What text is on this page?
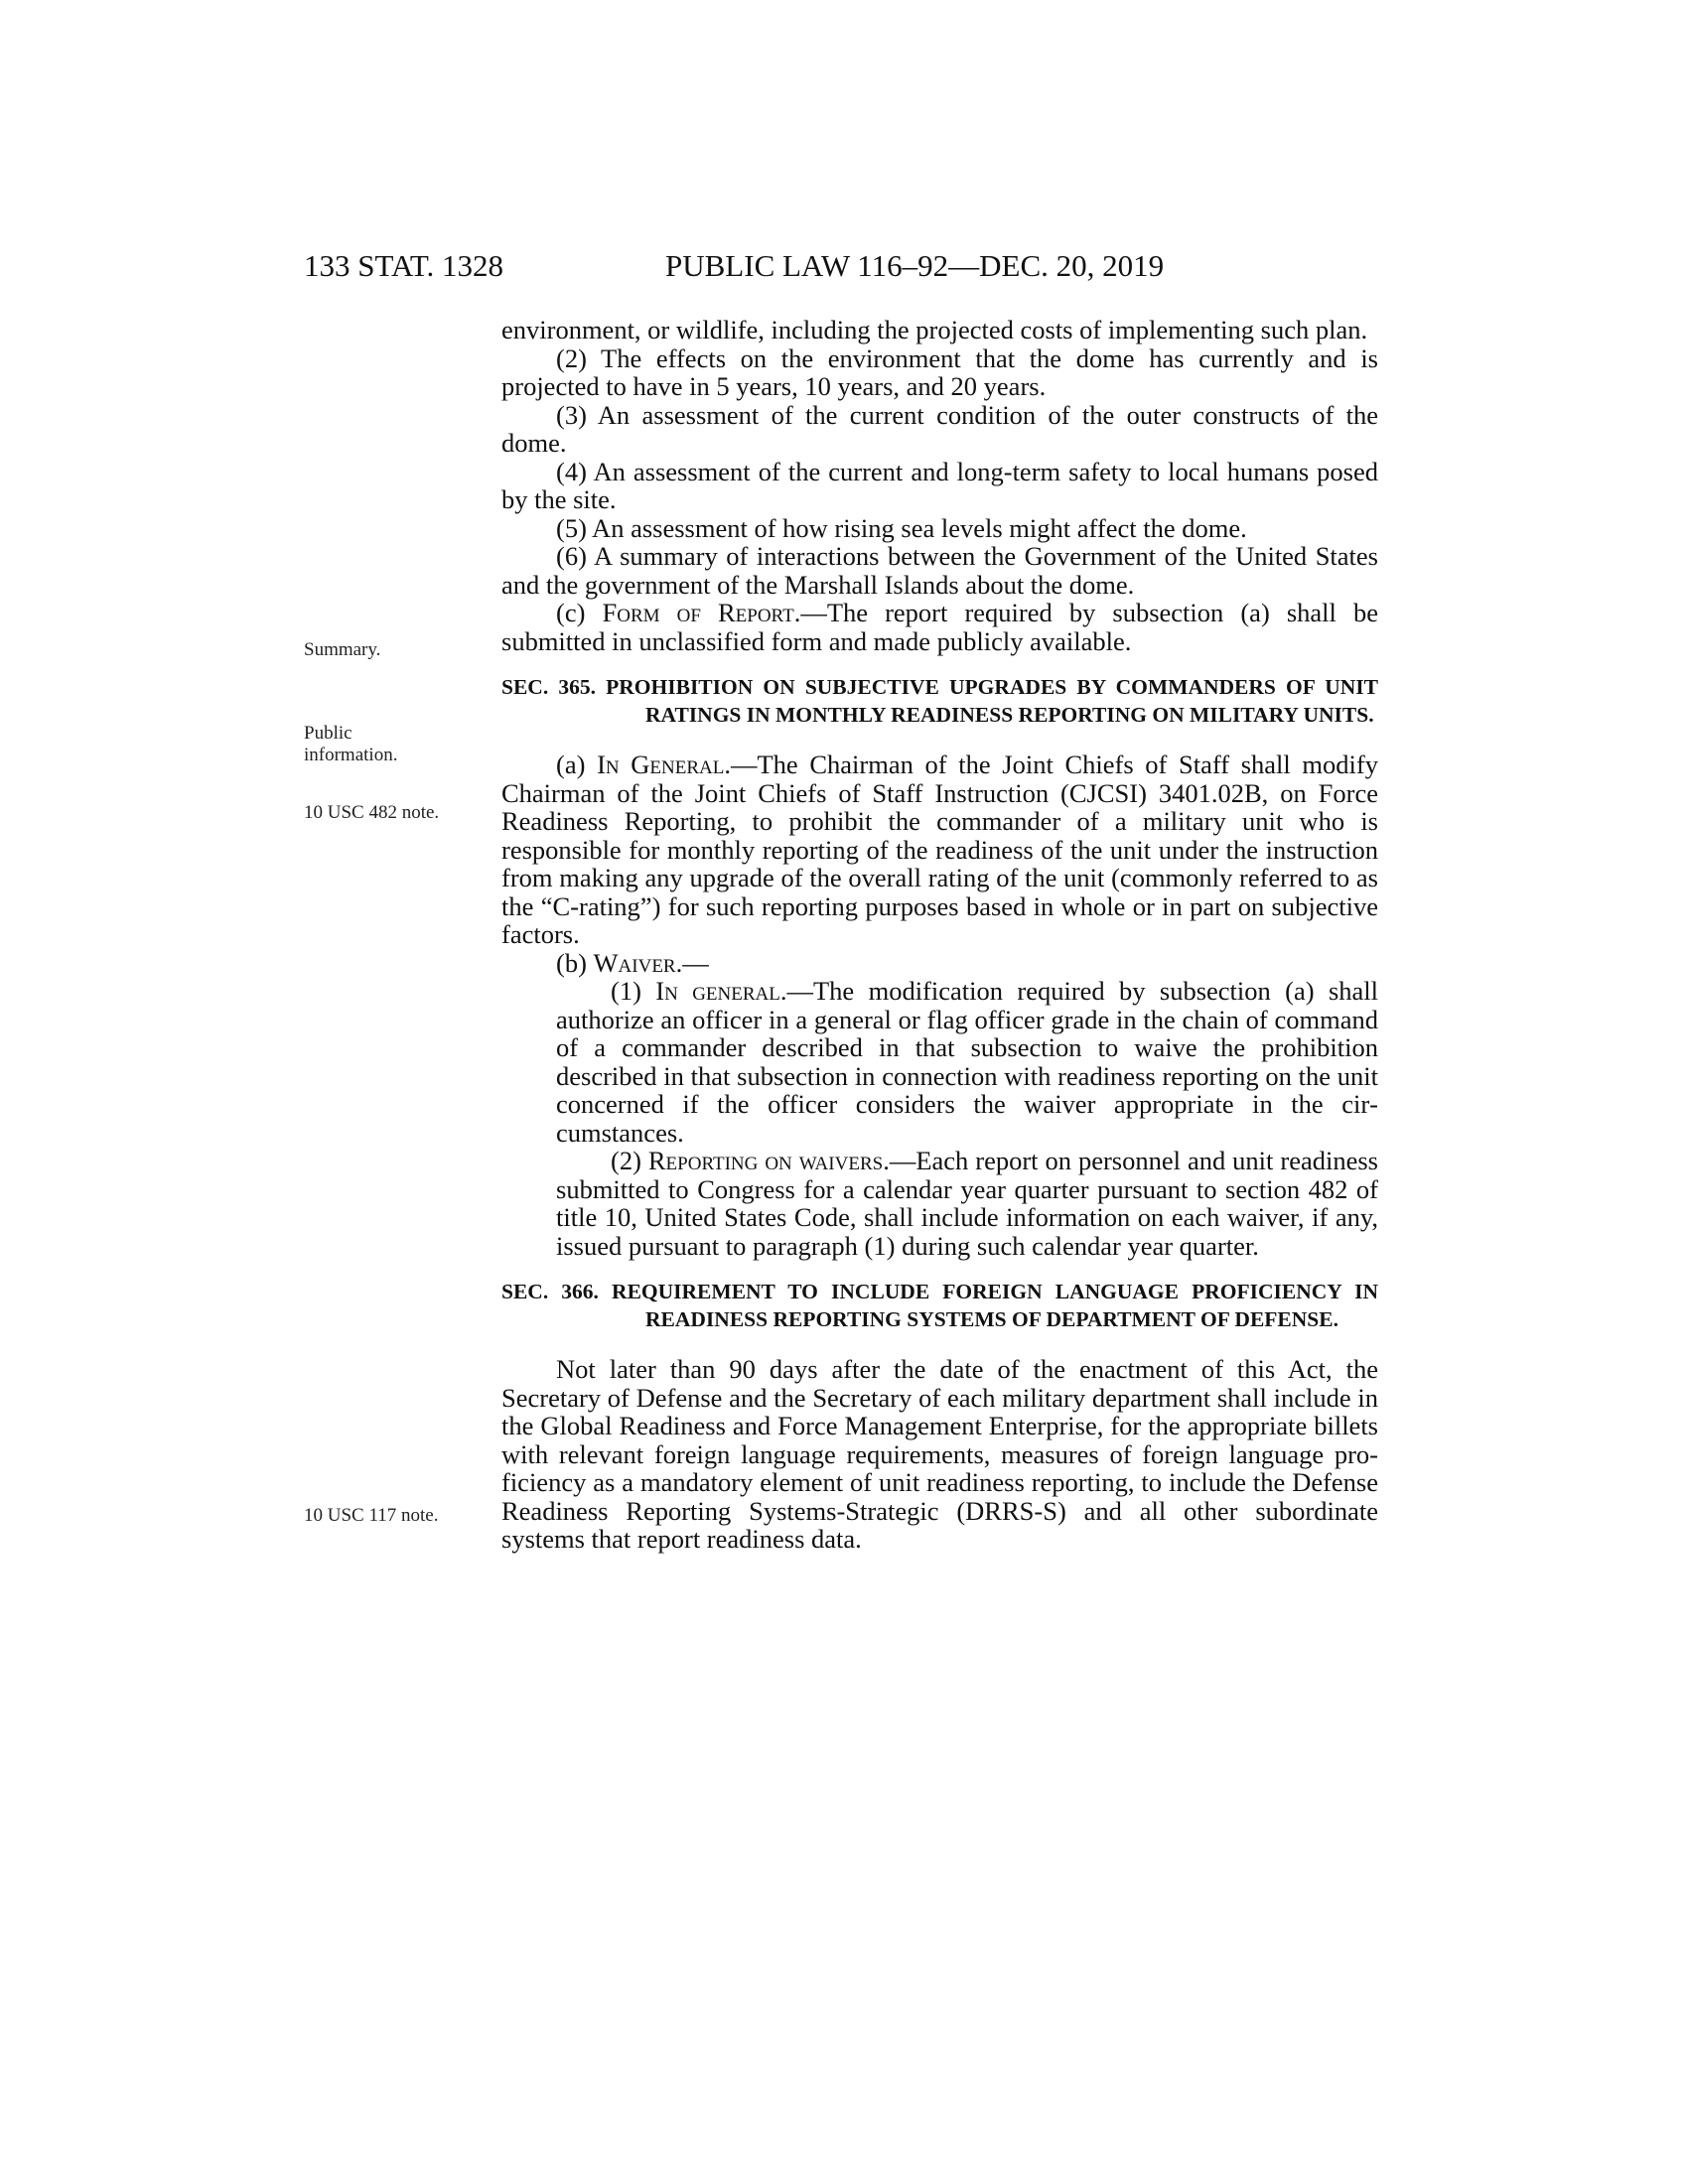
133 STAT. 1328	PUBLIC LAW 116–92—DEC. 20, 2019
Summary.
Public
information.
10 USC 482 note.
10 USC 117 note.

environment, or wildlife, including the projected costs of implementing such plan.

(2) The effects on the environment that the dome has currently and is projected to have in 5 years, 10 years, and 20 years.

(3) An assessment of the current condition of the outer constructs of the dome.

(4) An assessment of the current and long-term safety to local humans posed by the site.

(5) An assessment of how rising sea levels might affect the dome.

(6) A summary of interactions between the Government of the United States and the government of the Marshall Islands about the dome.

(c) Form of Report.—The report required by subsection (a) shall be submitted in unclassified form and made publicly available.

SEC. 365. PROHIBITION ON SUBJECTIVE UPGRADES BY COMMANDERS OF UNIT RATINGS IN MONTHLY READINESS REPORTING ON MILITARY UNITS.

(a) In General.—The Chairman of the Joint Chiefs of Staff shall modify Chairman of the Joint Chiefs of Staff Instruction (CJCSI) 3401.02B, on Force Readiness Reporting, to prohibit the commander of a military unit who is responsible for monthly reporting of the readiness of the unit under the instruction from making any upgrade of the overall rating of the unit (commonly referred to as the “C-rating”) for such reporting purposes based in whole or in part on subjective factors.

(b) Waiver.—

(1) In general.—The modification required by subsection (a) shall authorize an officer in a general or flag officer grade in the chain of command of a commander described in that subsection to waive the prohibition described in that subsection in connection with readiness reporting on the unit concerned if the officer considers the waiver appropriate in the circumstances.

(2) Reporting on waivers.—Each report on personnel and unit readiness submitted to Congress for a calendar year quarter pursuant to section 482 of title 10, United States Code, shall include information on each waiver, if any, issued pursuant to paragraph (1) during such calendar year quarter.

SEC. 366. REQUIREMENT TO INCLUDE FOREIGN LANGUAGE PROFICIENCY IN READINESS REPORTING SYSTEMS OF DEPARTMENT OF DEFENSE.

Not later than 90 days after the date of the enactment of this Act, the Secretary of Defense and the Secretary of each military department shall include in the Global Readiness and Force Management Enterprise, for the appropriate billets with relevant foreign language requirements, measures of foreign language proficiency as a mandatory element of unit readiness reporting, to include the Defense Readiness Reporting Systems-Strategic (DRRS-S) and all other subordinate systems that report readiness data.
